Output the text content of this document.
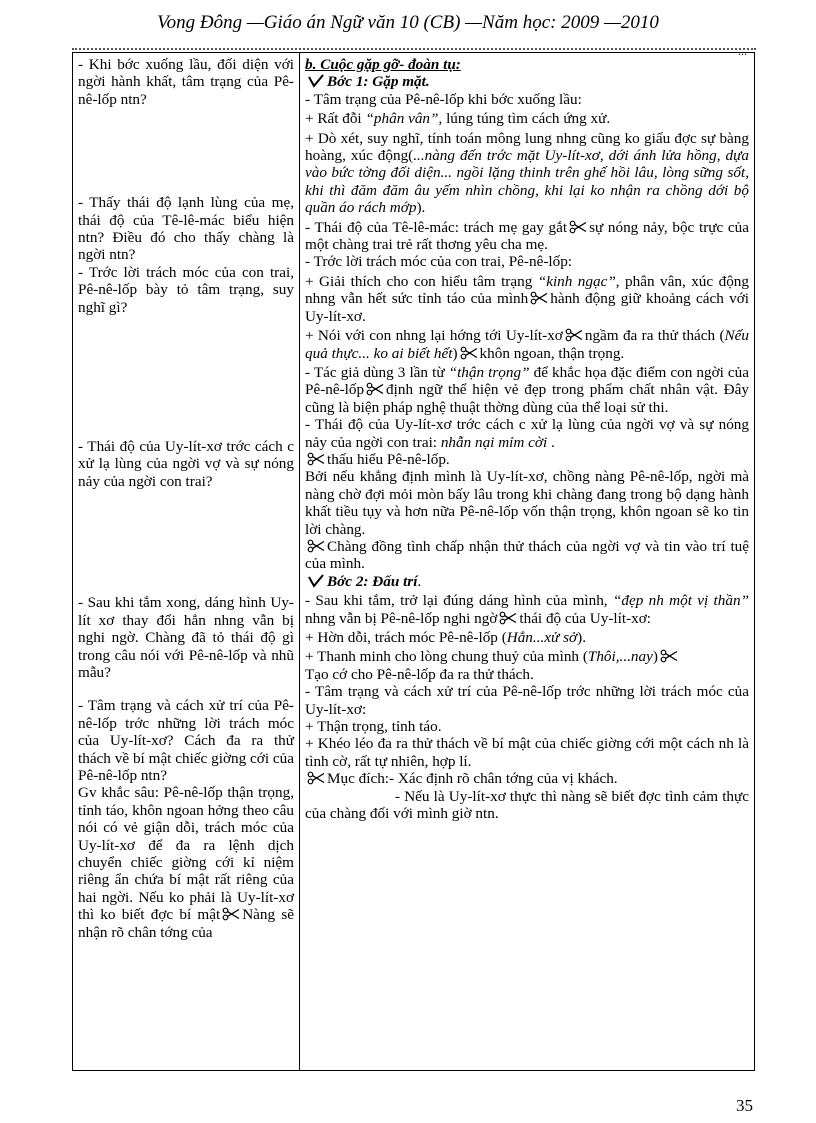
Vong Đông —Giáo án Ngữ văn 10 (CB) —Năm học: 2009 —2010
...

- Khi bớc xuống lầu, đối diện với ngời hành khất, tâm trạng của Pê-nê-lốp ntn?

- Thấy thái độ lạnh lùng của mẹ, thái độ của Tê-lê-mác biểu hiện ntn? Điều đó cho thấy chàng là ngời ntn?

- Trớc lời trách móc của con trai, Pê-nê-lốp bày tỏ tâm trạng, suy nghĩ gì?

- Thái độ của Uy-lít-xơ trớc cách c xử lạ lùng của ngời vợ và sự nóng nảy của ngời con trai?

- Sau khi tắm xong, dáng hình Uy-lít xơ thay đổi hẳn nhng vẫn bị nghi ngờ. Chàng đã tỏ thái độ gì trong câu nói với Pê-nê-lốp và nhũ mẫu?

- Tâm trạng và cách xử trí của Pê-nê-lốp trớc những lời trách móc của Uy-lít-xơ? Cách đa ra thử thách về bí mật chiếc giờng cới của Pê-nê-lốp ntn?

Gv khắc sâu: Pê-nê-lốp thận trọng, tỉnh táo, khôn ngoan hởng theo câu nói có vẻ giận dỗi, trách móc của Uy-lít-xơ để đa ra lệnh dịch chuyển chiếc giờng cới kỉ niệm riêng ẩn chứa bí mật rất riêng của hai ngời. Nếu ko phải là Uy-lít-xơ thì ko biết đợc bí mật Nàng sẽ nhận rõ chân tớng của

b. Cuộc gặp gỡ- đoàn tụ:

Bớc 1: Gặp mặt.

- Tâm trạng của Pê-nê-lốp khi bớc xuống lầu:

+ Rất đỗi “phân vân”, lúng túng tìm cách ứng xử.

+ Dò xét, suy nghĩ, tính toán mông lung nhng cũng ko giấu đợc sự bàng hoàng, xúc động(...nàng đến trớc mặt Uy-lít-xơ, dới ánh lửa hồng, dựa vào bức tờng đối diện... ngồi lặng thinh trên ghế hồi lâu, lòng sững sốt, khi thì đăm đăm âu yếm nhìn chồng, khi lại ko nhận ra chồng dới bộ quần áo rách mớp).

- Thái độ của Tê-lê-mác: trách mẹ gay gắt sự nóng nảy, bộc trực của một chàng trai trẻ rất thơng yêu cha mẹ.

- Trớc lời trách móc của con trai, Pê-nê-lốp:

+ Giải thích cho con hiểu tâm trạng “kinh ngạc”, phân vân, xúc động nhng vẫn hết sức tỉnh táo của mình hành động giữ khoảng cách với Uy-lít-xơ.

+ Nói với con nhng lại hớng tới Uy-lít-xơ ngầm đa ra thử thách (Nếu quả thực... ko ai biết hết) khôn ngoan, thận trọng.

- Tác giả dùng 3 lần từ “thận trọng” để khắc họa đặc điểm con ngời của Pê-nê-lốp định ngữ thể hiện vẻ đẹp trong phẩm chất nhân vật. Đây cũng là biện pháp nghệ thuật thờng dùng của thể loại sử thi.

- Thái độ của Uy-lít-xơ trớc cách c xử lạ lùng của ngời vợ và sự nóng nảy của ngời con trai: nhẫn nại mỉm cời .

thấu hiểu Pê-nê-lốp.

Bởi nếu khẳng định mình là Uy-lít-xơ, chồng nàng Pê-nê-lốp, ngời mà nàng chờ đợi mỏi mòn bấy lâu trong khi chàng đang trong bộ dạng hành khất tiều tụy và hơn nữa Pê-nê-lốp vốn thận trọng, khôn ngoan sẽ ko tin lời chàng.

Chàng đồng tình chấp nhận thử thách của ngời vợ và tin vào trí tuệ của mình.

Bớc 2: Đấu trí.

- Sau khi tắm, trở lại đúng dáng hình của mình, “đẹp nh một vị thần” nhng vẫn bị Pê-nê-lốp nghi ngờ thái độ của Uy-lít-xơ:

+ Hờn dỗi, trách móc Pê-nê-lốp (Hẳn...xử sở).

+ Thanh minh cho lòng chung thuỷ của mình (Thôi,...nay)
Tạo cớ cho Pê-nê-lốp đa ra thử thách.

- Tâm trạng và cách xử trí của Pê-nê-lốp trớc những lời trách móc của Uy-lít-xơ:

+ Thận trọng, tỉnh táo.

+ Khéo léo đa ra thử thách về bí mật của chiếc giờng cới một cách nh là tình cờ, rất tự nhiên, hợp lí.

Mục đích:- Xác định rõ chân tớng của vị khách.

- Nếu là Uy-lít-xơ thực thì nàng sẽ biết đợc tình cảm thực của chàng đối với mình giờ ntn.

35
